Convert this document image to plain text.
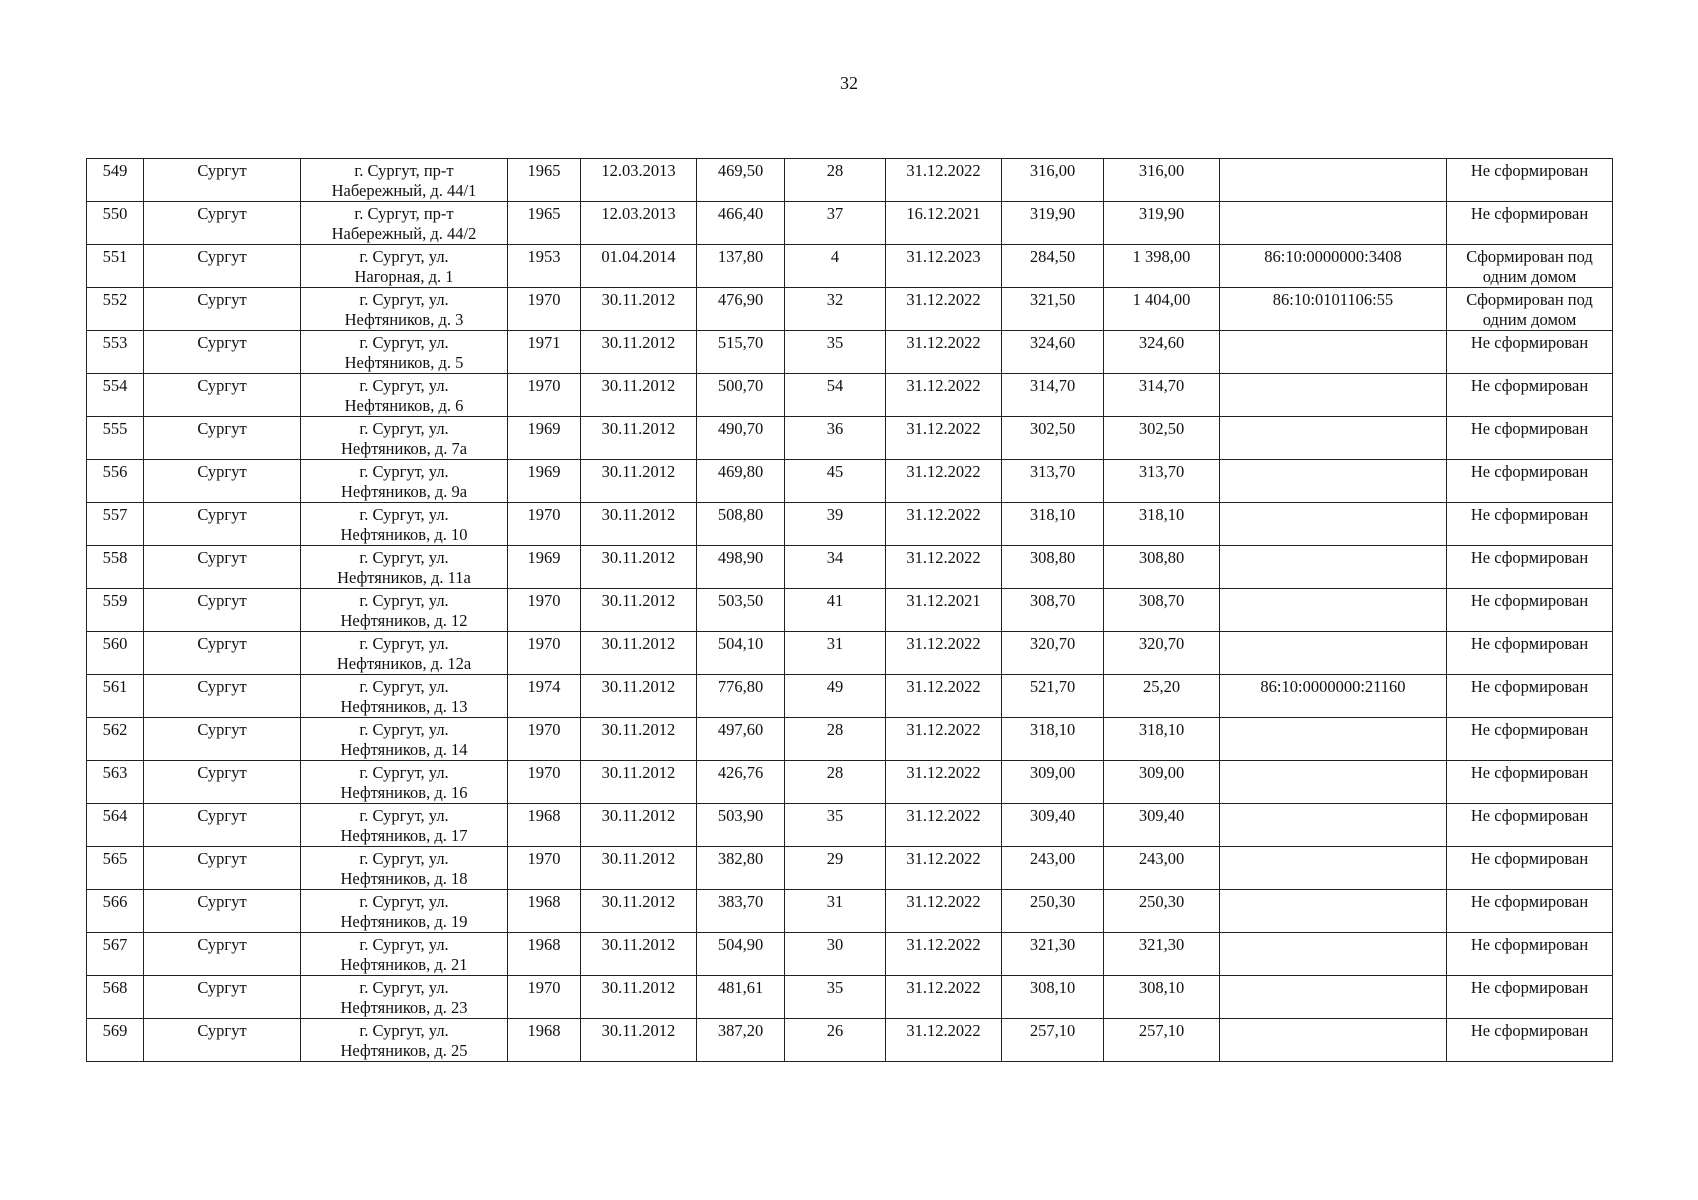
32
549	Сургут	г. Сургут, пр-т
Набережный, д. 44/1	1965	12.03.2013	469,50	28	31.12.2022	316,00	316,00		Не сформирован

550	Сургут	г. Сургут, пр-т
Набережный, д. 44/2	1965	12.03.2013	466,40	37	16.12.2021	319,90	319,90		Не сформирован

551	Сургут	г. Сургут, ул.
Нагорная, д. 1	1953	01.04.2014	137,80	4	31.12.2023	284,50	1 398,00	86:10:0000000:3408	Сформирован под
одним домом

552	Сургут	г. Сургут, ул.
Нефтяников, д. 3	1970	30.11.2012	476,90	32	31.12.2022	321,50	1 404,00	86:10:0101106:55	Сформирован под
одним домом

553	Сургут	г. Сургут, ул.
Нефтяников, д. 5	1971	30.11.2012	515,70	35	31.12.2022	324,60	324,60		Не сформирован

554	Сургут	г. Сургут, ул.
Нефтяников, д. 6	1970	30.11.2012	500,70	54	31.12.2022	314,70	314,70		Не сформирован

555	Сургут	г. Сургут, ул.
Нефтяников, д. 7а	1969	30.11.2012	490,70	36	31.12.2022	302,50	302,50		Не сформирован

556	Сургут	г. Сургут, ул.
Нефтяников, д. 9а	1969	30.11.2012	469,80	45	31.12.2022	313,70	313,70		Не сформирован

557	Сургут	г. Сургут, ул.
Нефтяников, д. 10	1970	30.11.2012	508,80	39	31.12.2022	318,10	318,10		Не сформирован

558	Сургут	г. Сургут, ул.
Нефтяников, д. 11а	1969	30.11.2012	498,90	34	31.12.2022	308,80	308,80		Не сформирован

559	Сургут	г. Сургут, ул.
Нефтяников, д. 12	1970	30.11.2012	503,50	41	31.12.2021	308,70	308,70		Не сформирован

560	Сургут	г. Сургут, ул.
Нефтяников, д. 12а	1970	30.11.2012	504,10	31	31.12.2022	320,70	320,70		Не сформирован

561	Сургут	г. Сургут, ул.
Нефтяников, д. 13	1974	30.11.2012	776,80	49	31.12.2022	521,70	25,20	86:10:0000000:21160	Не сформирован

562	Сургут	г. Сургут, ул.
Нефтяников, д. 14	1970	30.11.2012	497,60	28	31.12.2022	318,10	318,10		Не сформирован

563	Сургут	г. Сургут, ул.
Нефтяников, д. 16	1970	30.11.2012	426,76	28	31.12.2022	309,00	309,00		Не сформирован

564	Сургут	г. Сургут, ул.
Нефтяников, д. 17	1968	30.11.2012	503,90	35	31.12.2022	309,40	309,40		Не сформирован

565	Сургут	г. Сургут, ул.
Нефтяников, д. 18	1970	30.11.2012	382,80	29	31.12.2022	243,00	243,00		Не сформирован

566	Сургут	г. Сургут, ул.
Нефтяников, д. 19	1968	30.11.2012	383,70	31	31.12.2022	250,30	250,30		Не сформирован

567	Сургут	г. Сургут, ул.
Нефтяников, д. 21	1968	30.11.2012	504,90	30	31.12.2022	321,30	321,30		Не сформирован

568	Сургут	г. Сургут, ул.
Нефтяников, д. 23	1970	30.11.2012	481,61	35	31.12.2022	308,10	308,10		Не сформирован

569	Сургут	г. Сургут, ул.
Нефтяников, д. 25	1968	30.11.2012	387,20	26	31.12.2022	257,10	257,10		Не сформирован
